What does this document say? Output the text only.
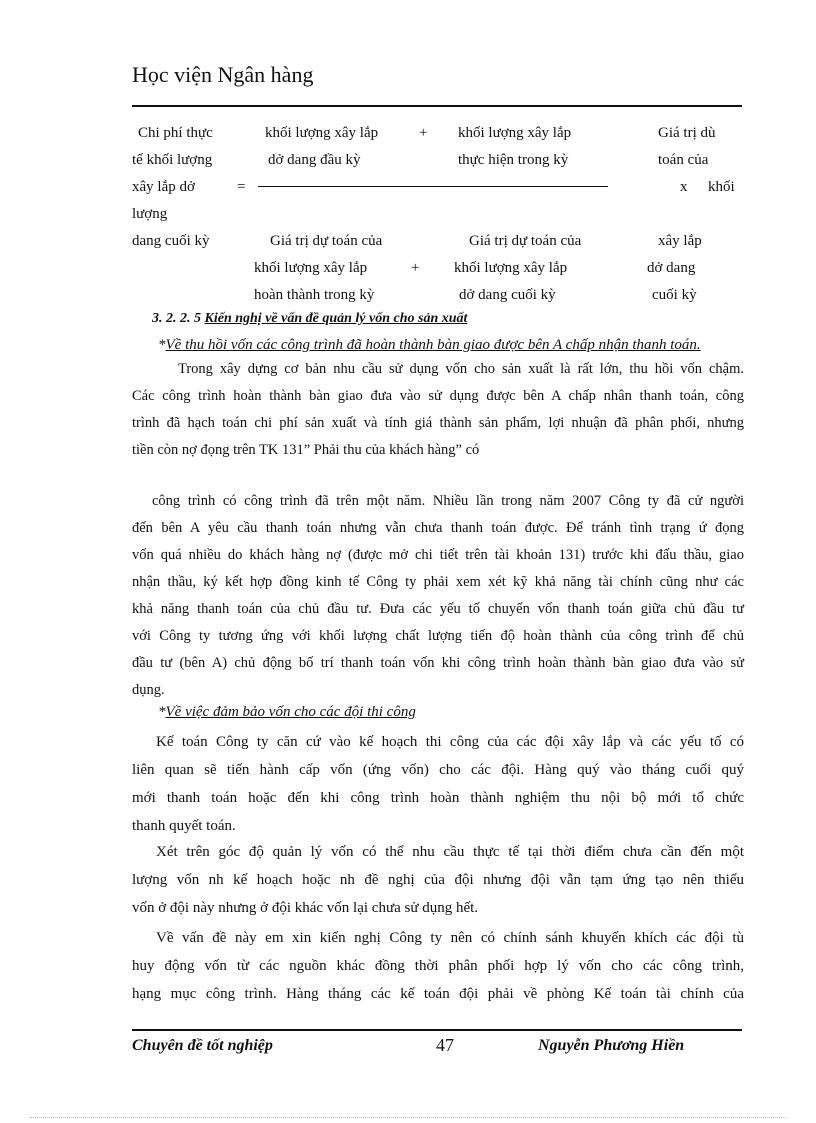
Học viện Ngân hàng
Chi phí thực
tế khối lượng
xây lắp dở
lượng
dang cuối kỳ
=
khối lượng xây lắp
dở dang đầu kỳ
+ khối lượng xây lắp
thực hiện trong kỳ
Giá trị dự toán của
khối lượng xây lắp
hoàn thành trong kỳ
+
Giá trị dự toán của
khối lượng xây lắp
dở dang cuối kỳ
Giá trị dù
toán của
x khối
xây lắp
dở dang
cuối kỳ
3. 2. 2. 5 Kiến nghị về vấn đề quản lý vốn cho sản xuất
*Về thu hồi vốn các công trình đã hoàn thành bàn giao được bên A chấp nhận thanh toán.
Trong xây dựng cơ bản nhu cầu sử dụng vốn cho sản xuất là rất lớn, thu hồi vốn chậm.
Các công trình hoàn thành bàn giao đưa vào sử dụng được bên A chấp nhân thanh toán, công
trình đã hạch toán chi phí sản xuất và tính giá thành sản phẩm, lợi nhuận đã phân phối, nhưng
tiền còn nợ đọng trên TK 131” Phải thu của khách hàng” có
công trình có công trình đã trên một năm. Nhiều lần trong năm 2007 Công ty đã cử người
đến bên A yêu cầu thanh toán nhưng vẫn chưa thanh toán được. Để tránh tình trạng ứ đọng
vốn quá nhiều do khách hàng nợ (được mở chi tiết trên tài khoản 131) trước khi đấu thầu, giao
nhận thầu, ký kết hợp đồng kinh tế Công ty phải xem xét kỹ khả năng tài chính cũng như các
khả năng thanh toán của chủ đầu tư. Đưa các yếu tố chuyển vốn thanh toán giữa chủ đầu tư
với Công ty tương ứng với khối lượng chất lượng tiến độ hoàn thành của công trình để chủ
đầu tư (bên A) chủ động bố trí thanh toán vốn khi công trình hoàn thành bàn giao đưa vào sử
dụng.
*Về việc đảm bảo vốn cho các đội thi công
Kế toán Công ty căn cứ vào kế hoạch thi công của các đội xây lắp và các yếu tố có
liên quan sẽ tiến hành cấp vốn (ứng vốn) cho các đội. Hàng quý vào tháng cuối quý
mới thanh toán hoặc đến khi công trình hoàn thành nghiệm thu nội bộ mới tổ chức
thanh quyết toán.
Xét trên góc độ quản lý vốn có thể nhu cầu thực tế tại thời điểm chưa cần đến một
lượng vốn nh kế hoạch hoặc nh đề nghị của đội nhưng đội vẫn tạm ứng tạo nên thiếu
vốn ở đội này nhưng ở đội khác vốn lại chưa sử dụng hết.
Về vấn đề này em xin kiến nghị Công ty nên có chính sánh khuyến khích các đội tù
huy động vốn từ các nguồn khác đồng thời phân phối hợp lý vốn cho các công trình,
hạng mục công trình. Hàng tháng các kế toán đội phải về phòng Kế toán tài chính của
Chuyên đề tốt nghiệp	47	Nguyễn Phương Hiền
